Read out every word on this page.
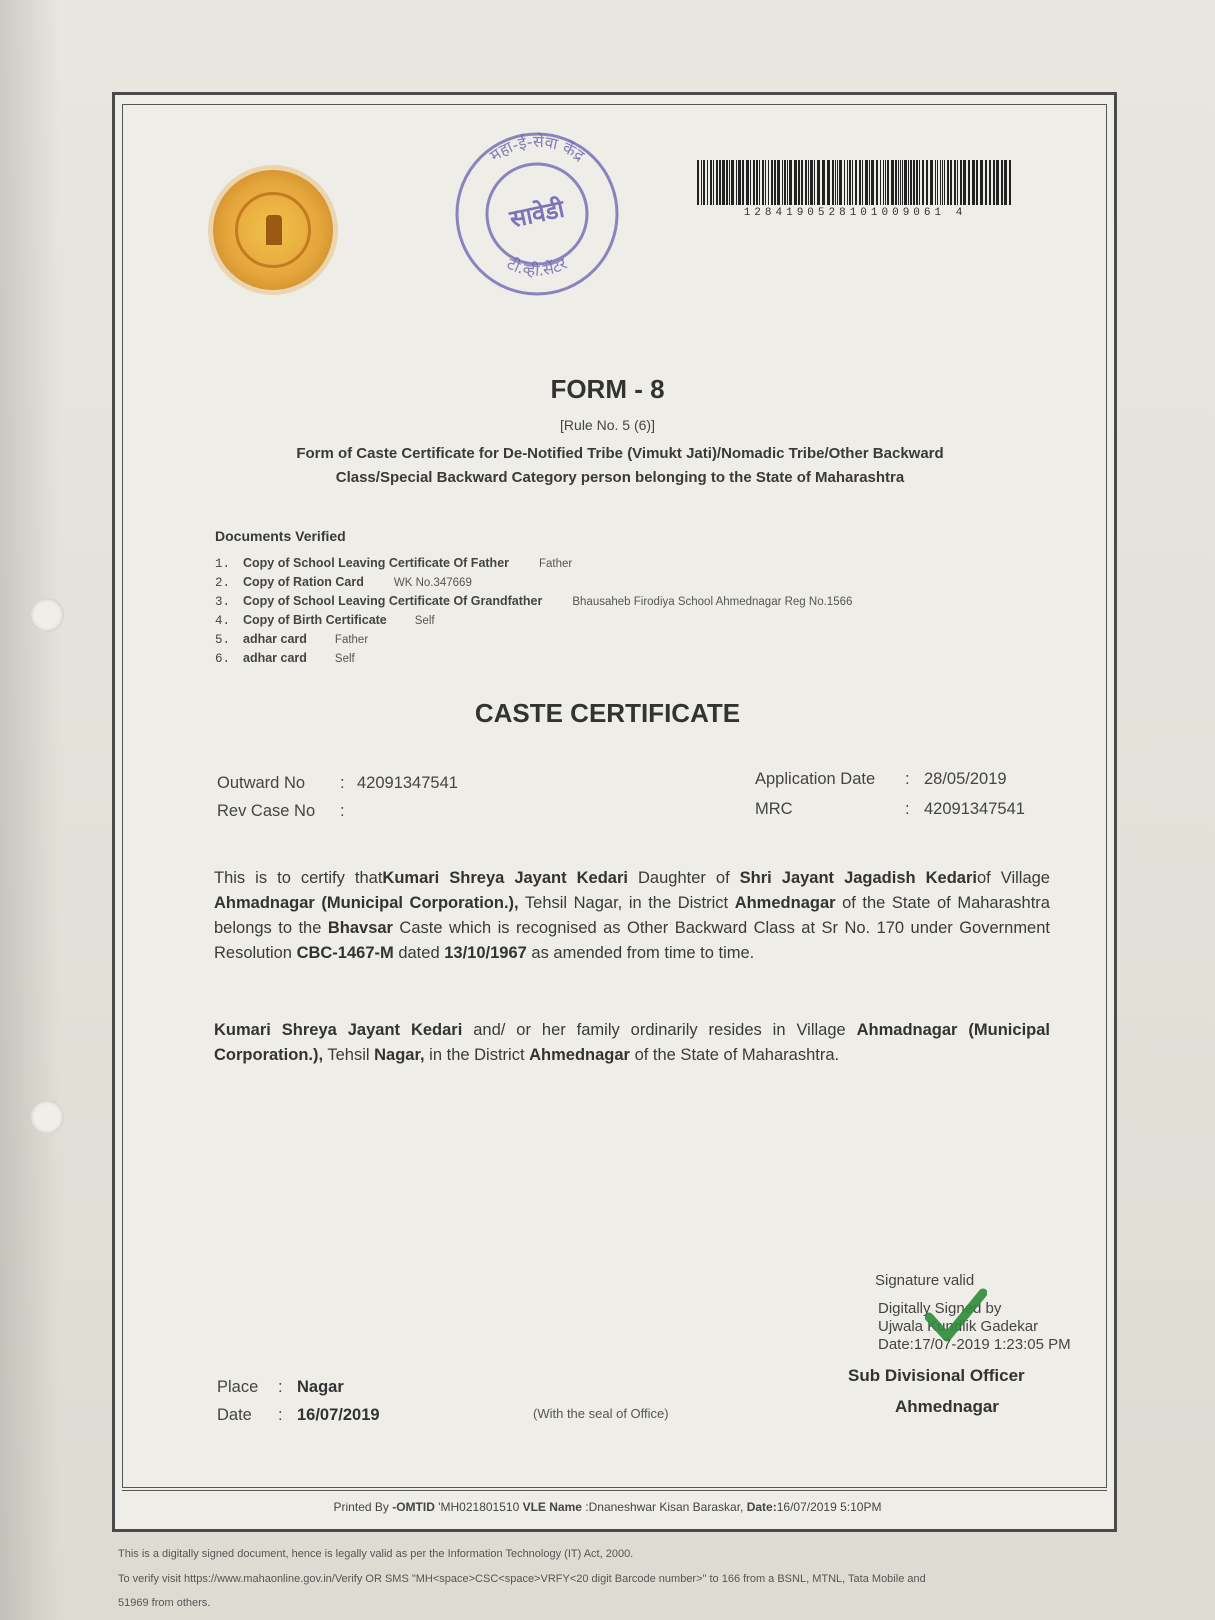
महा-ई-सेवा केंद्र
टी.व्ही.सेंटर
सावेडी	1284190528101009061 4
FORM - 8
[Rule No. 5 (6)]
Form of Caste Certificate for De-Notified Tribe (Vimukt Jati)/Nomadic Tribe/Other Backward
Class/Special Backward Category person belonging to the State of Maharashtra
Documents Verified
1. Copy of School Leaving Certificate Of Father	Father
2. Copy of Ration Card	WK No.347669
3. Copy of School Leaving Certificate Of Grandfather	Bhausaheb Firodiya School Ahmednagar Reg No.1566
4. Copy of Birth Certificate Self
5. adhar card Father
6. adhar card Self
CASTE CERTIFICATE
Outward No : 42091347541
Rev Case No :
Application Date : 28/05/2019
MRC	: 42091347541
This is to certify thatKumari Shreya Jayant Kedari Daughter of Shri Jayant Jagadish Kedariof Village Ahmadnagar (Municipal Corporation.), Tehsil Nagar, in the District Ahmednagar of the State of Maharashtra belongs to the Bhavsar Caste which is recognised as Other Backward Class at Sr No. 170 under Government Resolution CBC-1467-M dated 13/10/1967 as amended from time to time.
Kumari Shreya Jayant Kedari and/ or her family ordinarily resides in Village Ahmadnagar (Municipal Corporation.), Tehsil Nagar, in the District Ahmednagar of the State of Maharashtra.
Signature valid
Digitally Signed by
Ujwala Kundlik Gadekar
Date:17/07-2019 1:23:05 PM
Sub Divisional Officer
Ahmednagar
(With the seal of Office)
Place : Nagar
Date : 16/07/2019
Printed By -OMTID 'MH021801510 VLE Name :Dnaneshwar Kisan Baraskar, Date:16/07/2019 5:10PM
This is a digitally signed document, hence is legally valid as per the Information Technology (IT) Act, 2000.
To verify visit https://www.mahaonline.gov.in/Verify OR SMS "MH<space>CSC<space>VRFY<20 digit Barcode number>" to 166 from a BSNL, MTNL, Tata Mobile and
51969 from others.
